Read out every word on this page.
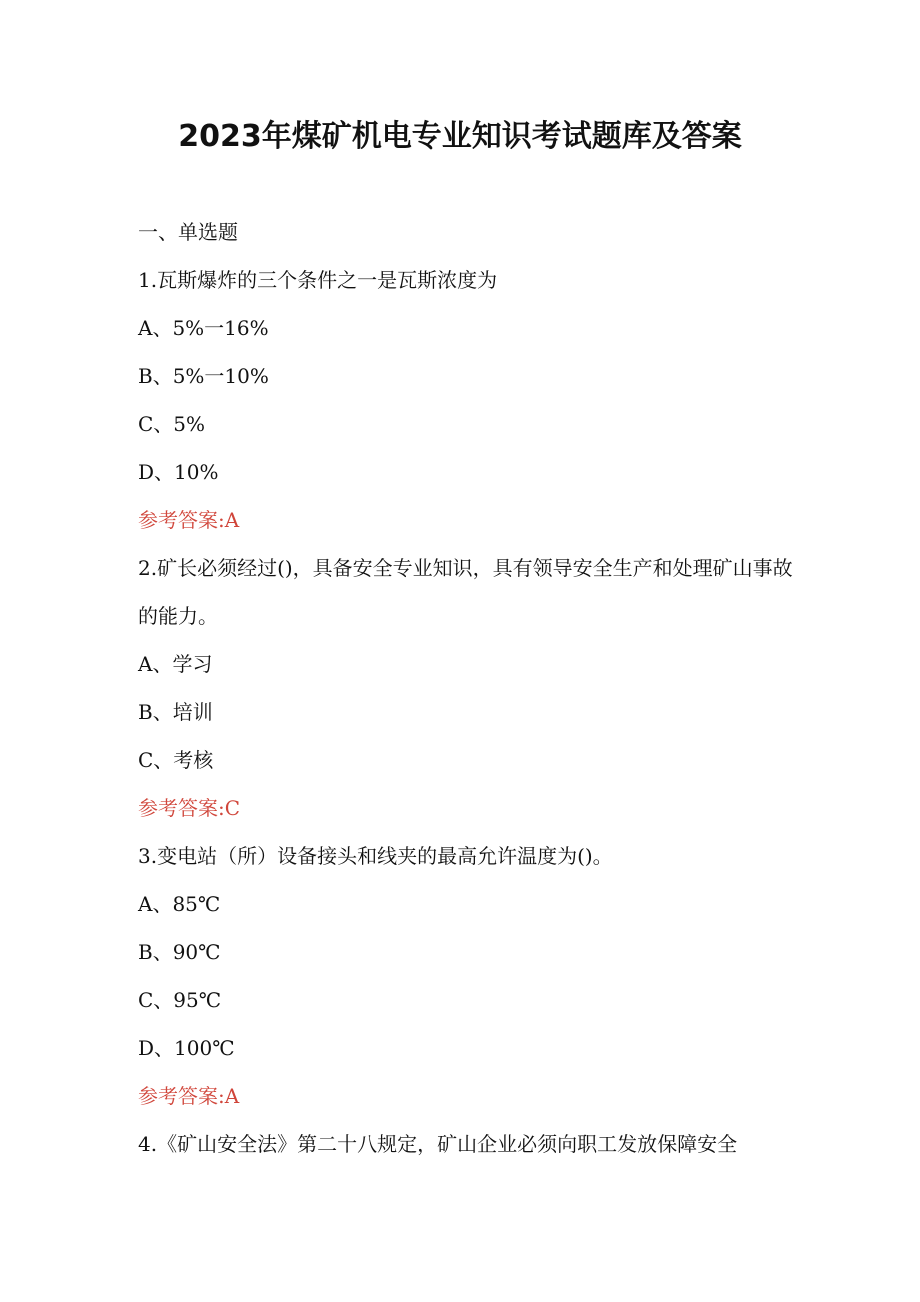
2023年煤矿机电专业知识考试题库及答案

一、单选题

1.瓦斯爆炸的三个条件之一是瓦斯浓度为

A、5%一16%

B、5%一10%

C、5%

D、10%

参考答案:A

2.矿长必须经过()，具备安全专业知识，具有领导安全生产和处理矿山事故的能力。

A、学习

B、培训

C、考核

参考答案:C

3.变电站（所）设备接头和线夹的最高允许温度为()。

A、85℃

B、90℃

C、95℃

D、100℃

参考答案:A

4.《矿山安全法》第二十八规定，矿山企业必须向职工发放保障安全
